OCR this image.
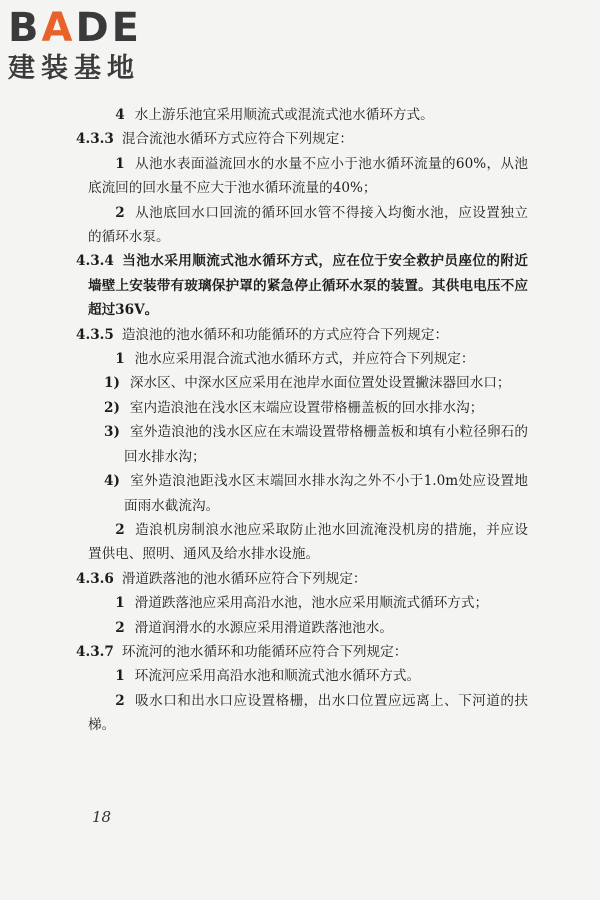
BADE
建装基地

4 水上游乐池宜采用顺流式或混流式池水循环方式。

4.3.3 混合流池水循环方式应符合下列规定：

1 从池水表面溢流回水的水量不应小于池水循环流量的60%，从池底流回的回水量不应大于池水循环流量的40%；

2 从池底回水口回流的循环回水管不得接入均衡水池，应设置独立的循环水泵。

4.3.4 当池水采用顺流式池水循环方式，应在位于安全救护员座位的附近墙壁上安装带有玻璃保护罩的紧急停止循环水泵的装置。其供电电压不应超过36V。

4.3.5 造浪池的池水循环和功能循环的方式应符合下列规定：

1 池水应采用混合流式池水循环方式，并应符合下列规定：

1) 深水区、中深水区应采用在池岸水面位置处设置撇沫器回水口；

2) 室内造浪池在浅水区末端应设置带格栅盖板的回水排水沟；

3) 室外造浪池的浅水区应在末端设置带格栅盖板和填有小粒径卵石的回水排水沟；

4) 室外造浪池距浅水区末端回水排水沟之外不小于1.0m处应设置地面雨水截流沟。

2 造浪机房制浪水池应采取防止池水回流淹没机房的措施，并应设置供电、照明、通风及给水排水设施。

4.3.6 滑道跌落池的池水循环应符合下列规定：

1 滑道跌落池应采用高沿水池，池水应采用顺流式循环方式；

2 滑道润滑水的水源应采用滑道跌落池池水。

4.3.7 环流河的池水循环和功能循环应符合下列规定：

1 环流河应采用高沿水池和顺流式池水循环方式。

2 吸水口和出水口应设置格栅，出水口位置应远离上、下河道的扶梯。

18
